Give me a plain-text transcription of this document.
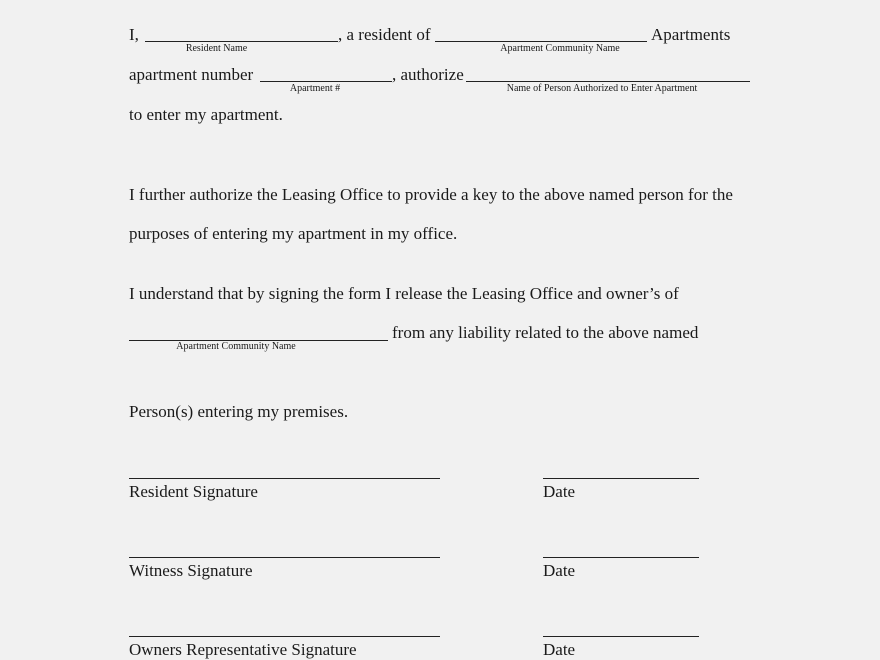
I,
Resident Name
, a resident of
Apartment Community Name
Apartments
apartment number
Apartment #
, authorize
Name of Person Authorized to Enter Apartment
to enter my apartment.
I further authorize the Leasing Office to provide a key to the above named person for the
purposes of entering my apartment in my office.
I understand that by signing the form I release the Leasing Office and owner’s of
Apartment Community Name
from any liability related to the above named
Person(s) entering my premises.
Resident Signature	Date
Witness Signature	Date
Owners Representative Signature	Date
